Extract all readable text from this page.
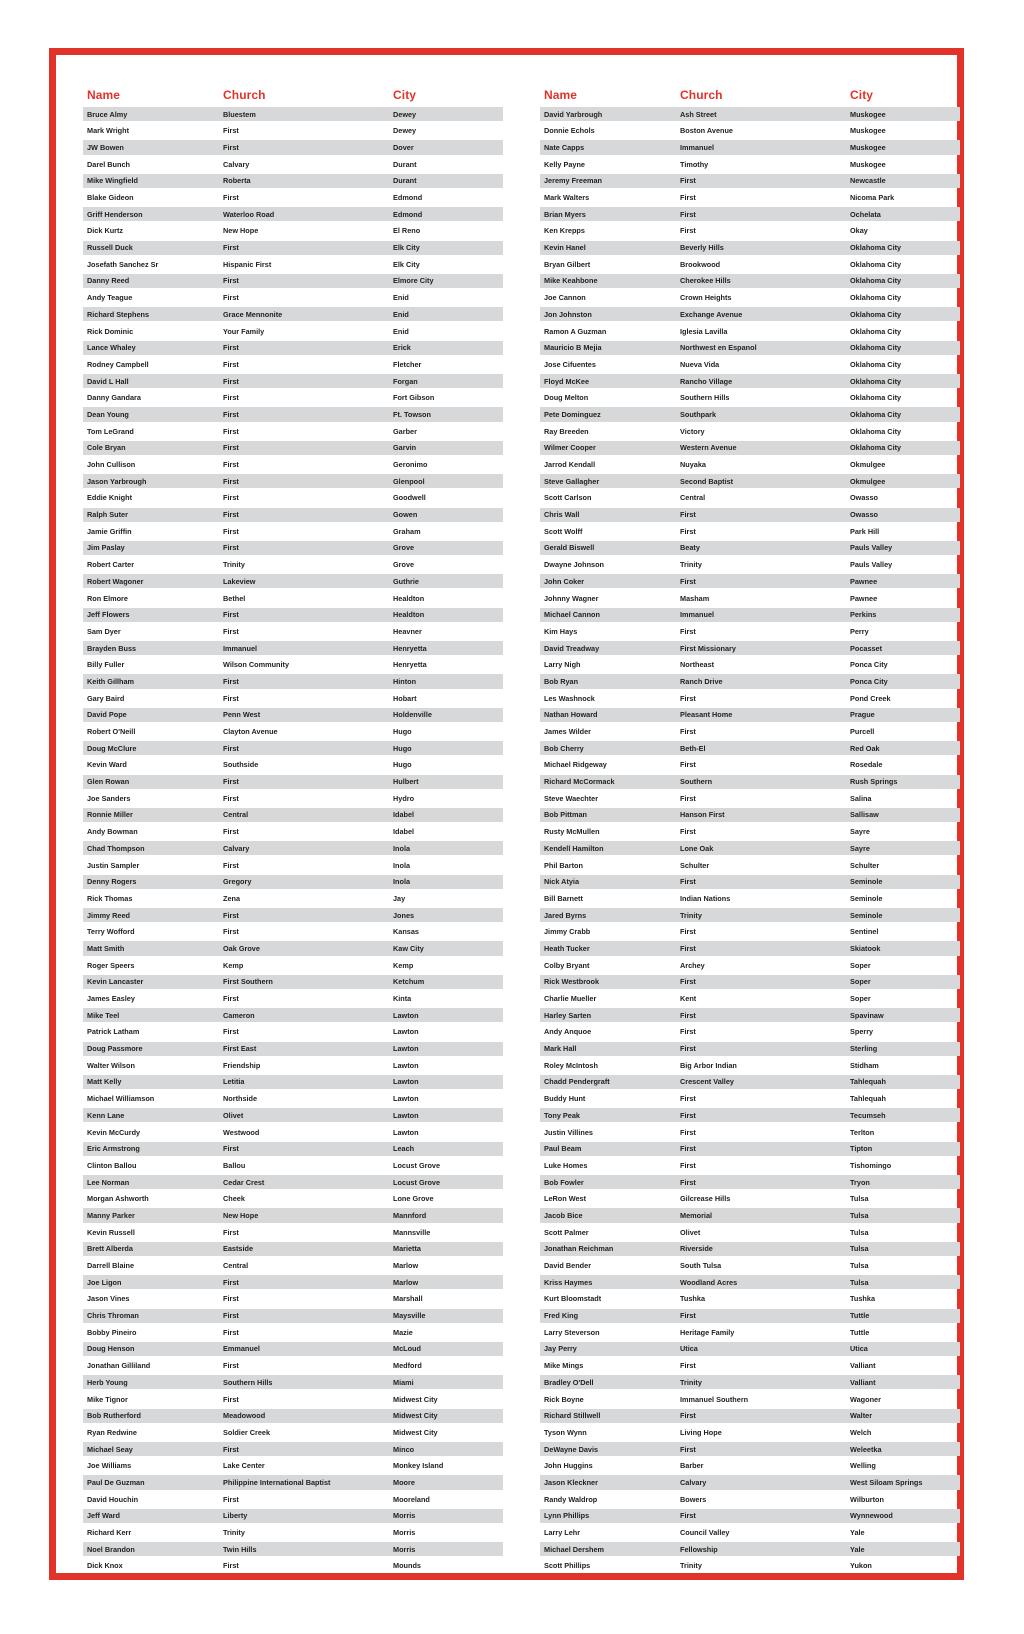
Name	Church	City
Bruce Almy	Bluestem	Dewey
Mark Wright	First	Dewey
JW Bowen	First	Dover
Darel Bunch	Calvary	Durant
Mike Wingfield	Roberta	Durant
Blake Gideon	First	Edmond
Griff Henderson	Waterloo Road	Edmond
Dick Kurtz	New Hope	El Reno
Russell Duck	First	Elk City
Josefath Sanchez Sr	Hispanic First	Elk City
Danny Reed	First	Elmore City
Andy Teague	First	Enid
Richard Stephens	Grace Mennonite	Enid
Rick Dominic	Your Family	Enid
Lance Whaley	First	Erick
Rodney Campbell	First	Fletcher
David L Hall	First	Forgan
Danny Gandara	First	Fort Gibson
Dean Young	First	Ft. Towson
Tom LeGrand	First	Garber
Cole Bryan	First	Garvin
John Cullison	First	Geronimo
Jason Yarbrough	First	Glenpool
Eddie Knight	First	Goodwell
Ralph Suter	First	Gowen
Jamie Griffin	First	Graham
Jim Paslay	First	Grove
Robert Carter	Trinity	Grove
Robert Wagoner	Lakeview	Guthrie
Ron Elmore	Bethel	Healdton
Jeff Flowers	First	Healdton
Sam Dyer	First	Heavner
Brayden Buss	Immanuel	Henryetta
Billy Fuller	Wilson Community	Henryetta
Keith Gillham	First	Hinton
Gary Baird	First	Hobart
David Pope	Penn West	Holdenville
Robert O'Neill	Clayton Avenue	Hugo
Doug McClure	First	Hugo
Kevin Ward	Southside	Hugo
Glen Rowan	First	Hulbert
Joe Sanders	First	Hydro
Ronnie Miller	Central	Idabel
Andy Bowman	First	Idabel
Chad Thompson	Calvary	Inola
Justin Sampler	First	Inola
Denny Rogers	Gregory	Inola
Rick Thomas	Zena	Jay
Jimmy Reed	First	Jones
Terry Wofford	First	Kansas
Matt Smith	Oak Grove	Kaw City
Roger Speers	Kemp	Kemp
Kevin Lancaster	First Southern	Ketchum
James Easley	First	Kinta
Mike Teel	Cameron	Lawton
Patrick Latham	First	Lawton
Doug Passmore	First East	Lawton
Walter Wilson	Friendship	Lawton
Matt Kelly	Letitia	Lawton
Michael Williamson	Northside	Lawton
Kenn Lane	Olivet	Lawton
Kevin McCurdy	Westwood	Lawton
Eric Armstrong	First	Leach
Clinton Ballou	Ballou	Locust Grove
Lee Norman	Cedar Crest	Locust Grove
Morgan Ashworth	Cheek	Lone Grove
Manny Parker	New Hope	Mannford
Kevin Russell	First	Mannsville
Brett Alberda	Eastside	Marietta
Darrell Blaine	Central	Marlow
Joe Ligon	First	Marlow
Jason Vines	First	Marshall
Chris Throman	First	Maysville
Bobby Pineiro	First	Mazie
Doug Henson	Emmanuel	McLoud
Jonathan Gilliland	First	Medford
Herb Young	Southern Hills	Miami
Mike Tignor	First	Midwest City
Bob Rutherford	Meadowood	Midwest City
Ryan Redwine	Soldier Creek	Midwest City
Michael Seay	First	Minco
Joe Williams	Lake Center	Monkey Island
Paul De Guzman	Philippine International Baptist	Moore
David Houchin	First	Mooreland
Jeff Ward	Liberty	Morris
Richard Kerr	Trinity	Morris
Noel Brandon	Twin Hills	Morris
Dick Knox	First	Mounds
Name	Church	City
David Yarbrough	Ash Street	Muskogee
Donnie Echols	Boston Avenue	Muskogee
Nate Capps	Immanuel	Muskogee
Kelly Payne	Timothy	Muskogee
Jeremy Freeman	First	Newcastle
Mark Walters	First	Nicoma Park
Brian Myers	First	Ochelata
Ken Krepps	First	Okay
Kevin Hanel	Beverly Hills	Oklahoma City
Bryan Gilbert	Brookwood	Oklahoma City
Mike Keahbone	Cherokee Hills	Oklahoma City
Joe Cannon	Crown Heights	Oklahoma City
Jon Johnston	Exchange Avenue	Oklahoma City
Ramon A Guzman	Iglesia Lavilla	Oklahoma City
Mauricio B Mejia	Northwest en Espanol	Oklahoma City
Jose Cifuentes	Nueva Vida	Oklahoma City
Floyd McKee	Rancho Village	Oklahoma City
Doug Melton	Southern Hills	Oklahoma City
Pete Dominguez	Southpark	Oklahoma City
Ray Breeden	Victory	Oklahoma City
Wilmer Cooper	Western Avenue	Oklahoma City
Jarrod Kendall	Nuyaka	Okmulgee
Steve Gallagher	Second Baptist	Okmulgee
Scott Carlson	Central	Owasso
Chris Wall	First	Owasso
Scott Wolff	First	Park Hill
Gerald Biswell	Beaty	Pauls Valley
Dwayne Johnson	Trinity	Pauls Valley
John Coker	First	Pawnee
Johnny Wagner	Masham	Pawnee
Michael Cannon	Immanuel	Perkins
Kim Hays	First	Perry
David Treadway	First Missionary	Pocasset
Larry Nigh	Northeast	Ponca City
Bob Ryan	Ranch Drive	Ponca City
Les Washnock	First	Pond Creek
Nathan Howard	Pleasant Home	Prague
James Wilder	First	Purcell
Bob Cherry	Beth-El	Red Oak
Michael Ridgeway	First	Rosedale
Richard McCormack	Southern	Rush Springs
Steve Waechter	First	Salina
Bob Pittman	Hanson First	Sallisaw
Rusty McMullen	First	Sayre
Kendell Hamilton	Lone Oak	Sayre
Phil Barton	Schulter	Schulter
Nick Atyia	First	Seminole
Bill Barnett	Indian Nations	Seminole
Jared Byrns	Trinity	Seminole
Jimmy Crabb	First	Sentinel
Heath Tucker	First	Skiatook
Colby Bryant	Archey	Soper
Rick Westbrook	First	Soper
Charlie Mueller	Kent	Soper
Harley Sarten	First	Spavinaw
Andy Anquoe	First	Sperry
Mark Hall	First	Sterling
Roley McIntosh	Big Arbor Indian	Stidham
Chadd Pendergraft	Crescent Valley	Tahlequah
Buddy Hunt	First	Tahlequah
Tony Peak	First	Tecumseh
Justin Villines	First	Terlton
Paul Beam	First	Tipton
Luke Homes	First	Tishomingo
Bob Fowler	First	Tryon
LeRon West	Gilcrease Hills	Tulsa
Jacob Bice	Memorial	Tulsa
Scott Palmer	Olivet	Tulsa
Jonathan Reichman	Riverside	Tulsa
David Bender	South Tulsa	Tulsa
Kriss Haymes	Woodland Acres	Tulsa
Kurt Bloomstadt	Tushka	Tushka
Fred King	First	Tuttle
Larry Steverson	Heritage Family	Tuttle
Jay Perry	Utica	Utica
Mike Mings	First	Valliant
Bradley O'Dell	Trinity	Valliant
Rick Boyne	Immanuel Southern	Wagoner
Richard Stillwell	First	Walter
Tyson Wynn	Living Hope	Welch
DeWayne Davis	First	Weleetka
John Huggins	Barber	Welling
Jason Kleckner	Calvary	West Siloam Springs
Randy Waldrop	Bowers	Wilburton
Lynn Phillips	First	Wynnewood
Larry Lehr	Council Valley	Yale
Michael Dershem	Fellowship	Yale
Scott Phillips	Trinity	Yukon
